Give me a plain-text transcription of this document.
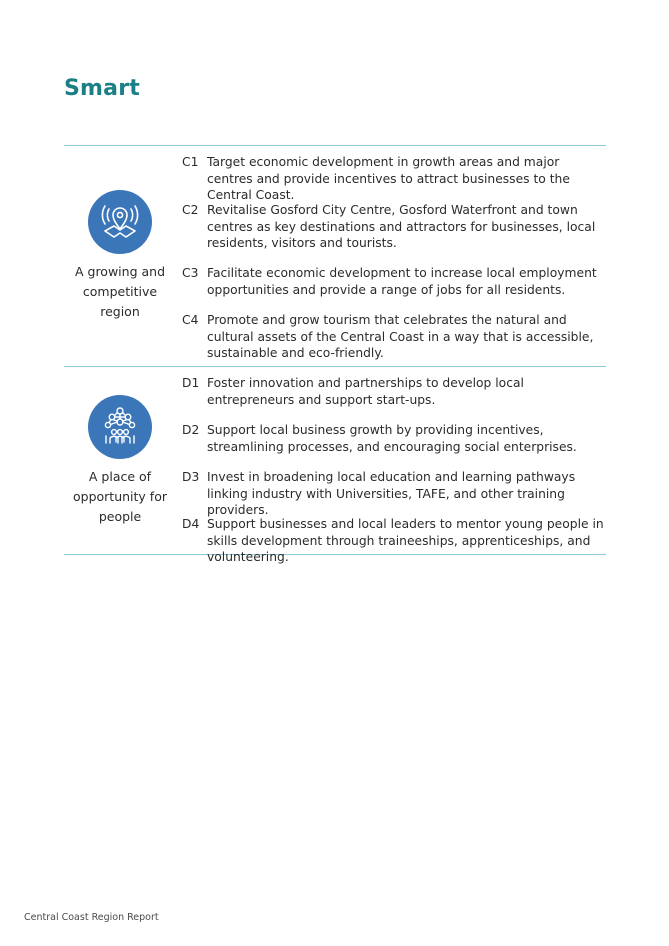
Smart
A growing and competitive region
C1 Target economic development in growth areas and major centres and provide incentives to attract businesses to the Central Coast.
C2 Revitalise Gosford City Centre, Gosford Waterfront and town centres as key destinations and attractors for businesses, local residents, visitors and tourists.
C3 Facilitate economic development to increase local employment opportunities and provide a range of jobs for all residents.
C4 Promote and grow tourism that celebrates the natural and cultural assets of the Central Coast in a way that is accessible, sustainable and eco-friendly.
A place of opportunity for people
D1 Foster innovation and partnerships to develop local entrepreneurs and support start-ups.
D2 Support local business growth by providing incentives, streamlining processes, and encouraging social enterprises.
D3 Invest in broadening local education and learning pathways linking industry with Universities, TAFE, and other training providers.
D4 Support businesses and local leaders to mentor young people in skills development through traineeships, apprenticeships, and volunteering.
Central Coast Region Report
